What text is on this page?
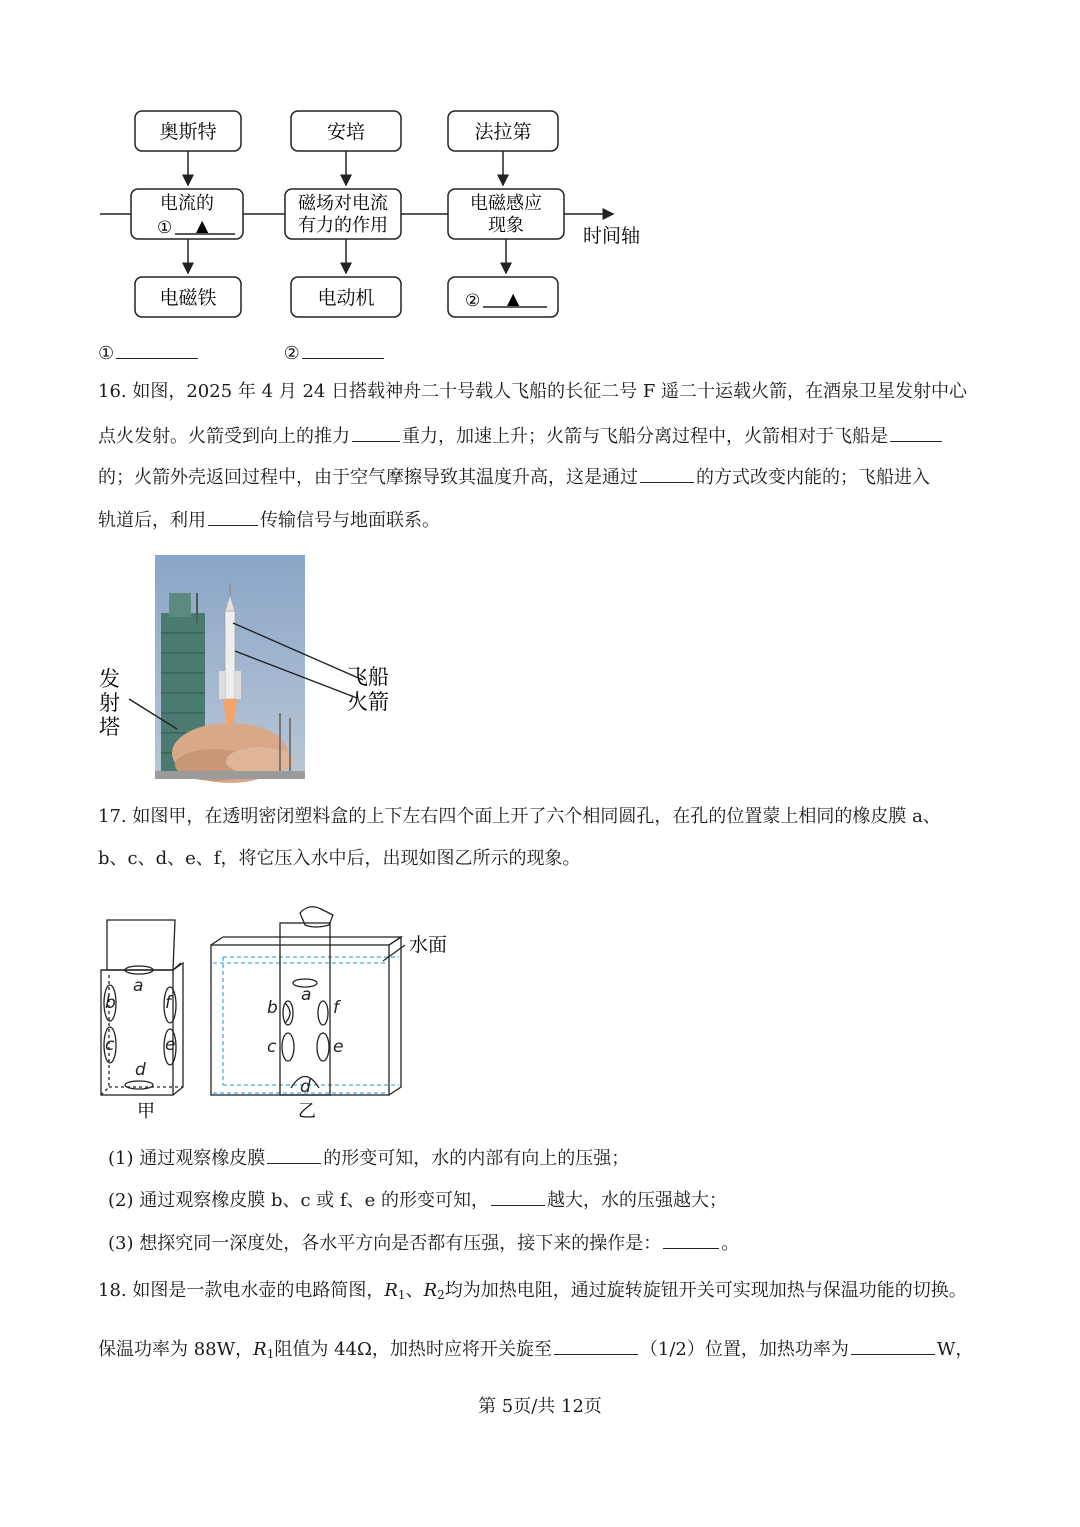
时间轴
奥斯特	安培	法拉第
电流的
① ▲
磁场对电流
有力的作用
电磁感应
现象
电磁铁	电动机	② ▲
①	②
16. 如图，2025 年 4 月 24 日搭载神舟二十号载人飞船的长征二号 F 遥二十运载火箭，在酒泉卫星发射中心
点火发射。火箭受到向上的推力	重力，加速上升；火箭与飞船分离过程中，火箭相对于飞船是
的；火箭外壳返回过程中，由于空气摩擦导致其温度升高，这是通过	的方式改变内能的；飞船进入
轨道后，利用	传输信号与地面联系。
飞船
火箭
发
射
塔
17. 如图甲，在透明密闭塑料盒的上下左右四个面上开了六个相同圆孔，在孔的位置蒙上相同的橡皮膜 a、
b、c、d、e、f，将它压入水中后，出现如图乙所示的现象。
a
b
c
d
e
f
甲
水面
a
b
c
d
e
f
乙
(1) 通过观察橡皮膜	的形变可知，水的内部有向上的压强；
(2) 通过观察橡皮膜 b、c 或 f、e 的形变可知，	越大，水的压强越大；
(3) 想探究同一深度处，各水平方向是否都有压强，接下来的操作是：	。
18. 如图是一款电水壶的电路简图，$R_1$、$R_2$均为加热电阻，通过旋转旋钮开关可实现加热与保温功能的切换。
保温功率为 88W，$R_1$阻值为 44Ω，加热时应将开关旋至	（1/2）位置，加热功率为	W，
第 5页/共 12页
